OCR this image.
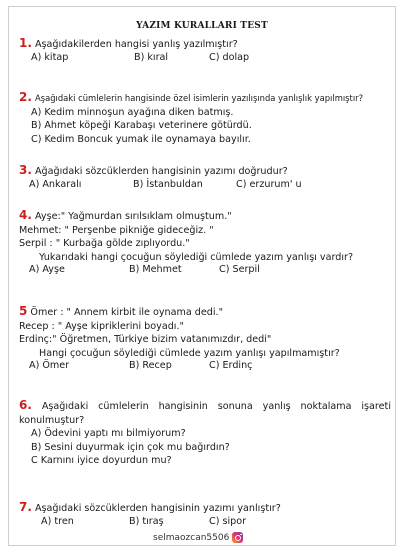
YAZIM KURALLARI TEST
1. Aşağıdakilerden hangisi yanlış yazılmıştır?
A) kitap	B) kıral	C) dolap
2. Aşağıdaki cümlelerin hangisinde özel isimlerin yazılışında yanlışlık yapılmıştır?
A) Kedim minnoşun ayağına diken batmış.
B) Ahmet köpeği Karabaşı veterinere götürdü.
C) Kedim Boncuk yumak ile oynamaya bayılır.
3. Ağağıdaki sözcüklerden hangisinin yazımı doğrudur?
A) Ankaralı	B) İstanbuldan	C) erzurum' u
4. Ayşe:" Yağmurdan sırılsıklam olmuştum."
Mehmet: " Perşenbe pikniğe gideceğiz. "
Serpil : " Kurbağa gölde zıplıyordu."
Yukarıdaki hangi çocuğun söylediği cümlede yazım yanlışı vardır?
A) Ayşe	B) Mehmet	C) Serpil
5 Ömer : " Annem kirbit ile oynama dedi."
Recep : " Ayşe kipriklerini boyadı."
Erdinç:" Öğretmen, Türkiye bizim vatanımızdır, dedi"
Hangi çocuğun söylediği cümlede yazım yanlışı yapılmamıştır?
A) Ömer	B) Recep	C) Erdinç
6. Aşağıdaki cümlelerin hangisinin sonuna yanlış noktalama işareti konulmuştur?
A) Ödevini yaptı mı bilmiyorum?
B) Sesini duyurmak için çok mu bağırdın?
C Karnını iyice doyurdun mu?
7. Aşağıdaki sözcüklerden hangisinin yazımı yanlıştır?
A) tren	B) tıraş	C) sipor
selmaozcan5506
